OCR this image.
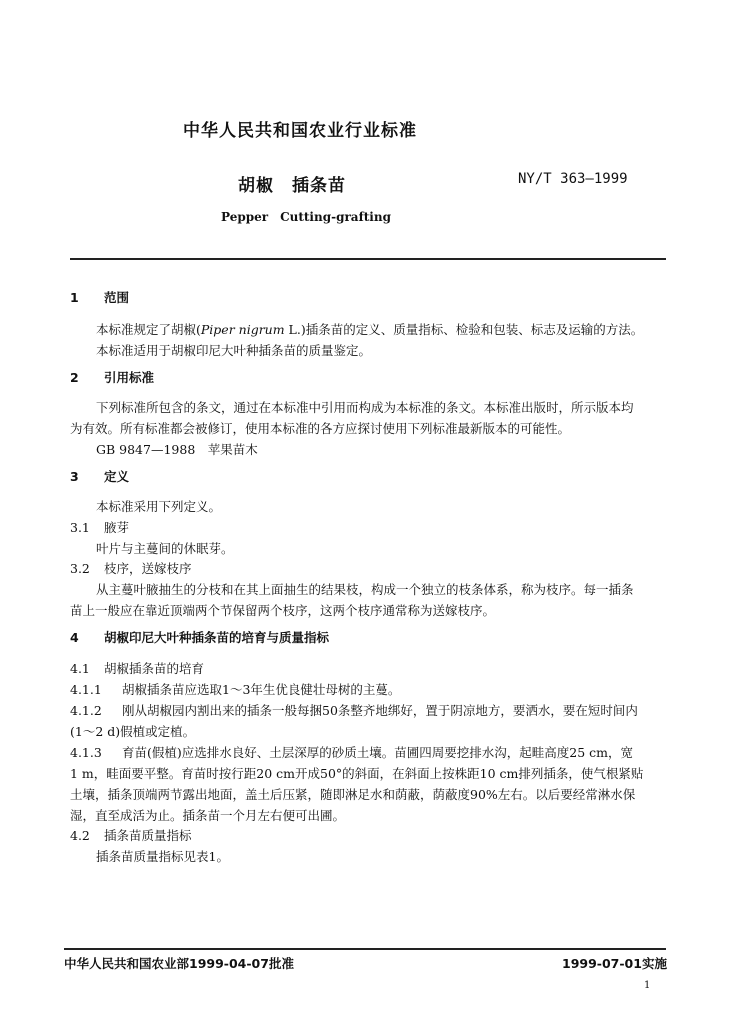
中华人民共和国农业行业标准
胡椒　插条苗	NY/T 363—1999
Pepper　Cutting-grafting
1 范围
本标准规定了胡椒(Piper nigrum L.)插条苗的定义、质量指标、检验和包装、标志及运输的方法。
本标准适用于胡椒印尼大叶种插条苗的质量鉴定。
2 引用标准
下列标准所包含的条文，通过在本标准中引用而构成为本标准的条文。本标准出版时，所示版本均
为有效。所有标准都会被修订，使用本标准的各方应探讨使用下列标准最新版本的可能性。
GB 9847—1988　苹果苗木
3 定义
本标准采用下列定义。
3.1 腋芽
叶片与主蔓间的休眠芽。
3.2 枝序，送嫁枝序
从主蔓叶腋抽生的分枝和在其上面抽生的结果枝，构成一个独立的枝条体系，称为枝序。每一插条
苗上一般应在靠近顶端两个节保留两个枝序，这两个枝序通常称为送嫁枝序。
4 胡椒印尼大叶种插条苗的培育与质量指标
4.1 胡椒插条苗的培育
4.1.1 胡椒插条苗应选取1～3年生优良健壮母树的主蔓。
4.1.2 刚从胡椒园内割出来的插条一般每捆50条整齐地绑好，置于阴凉地方，要洒水，要在短时间内
(1～2 d)假植或定植。
4.1.3 育苗(假植)应选排水良好、土层深厚的砂质土壤。苗圃四周要挖排水沟，起畦高度25 cm，宽
1 m，畦面要平整。育苗时按行距20 cm开成50°的斜面，在斜面上按株距10 cm排列插条，使气根紧贴
土壤，插条顶端两节露出地面，盖土后压紧，随即淋足水和荫蔽，荫蔽度90%左右。以后要经常淋水保
湿，直至成活为止。插条苗一个月左右便可出圃。
4.2 插条苗质量指标
插条苗质量指标见表1。
中华人民共和国农业部1999-04-07批准	1999-07-01实施
1
